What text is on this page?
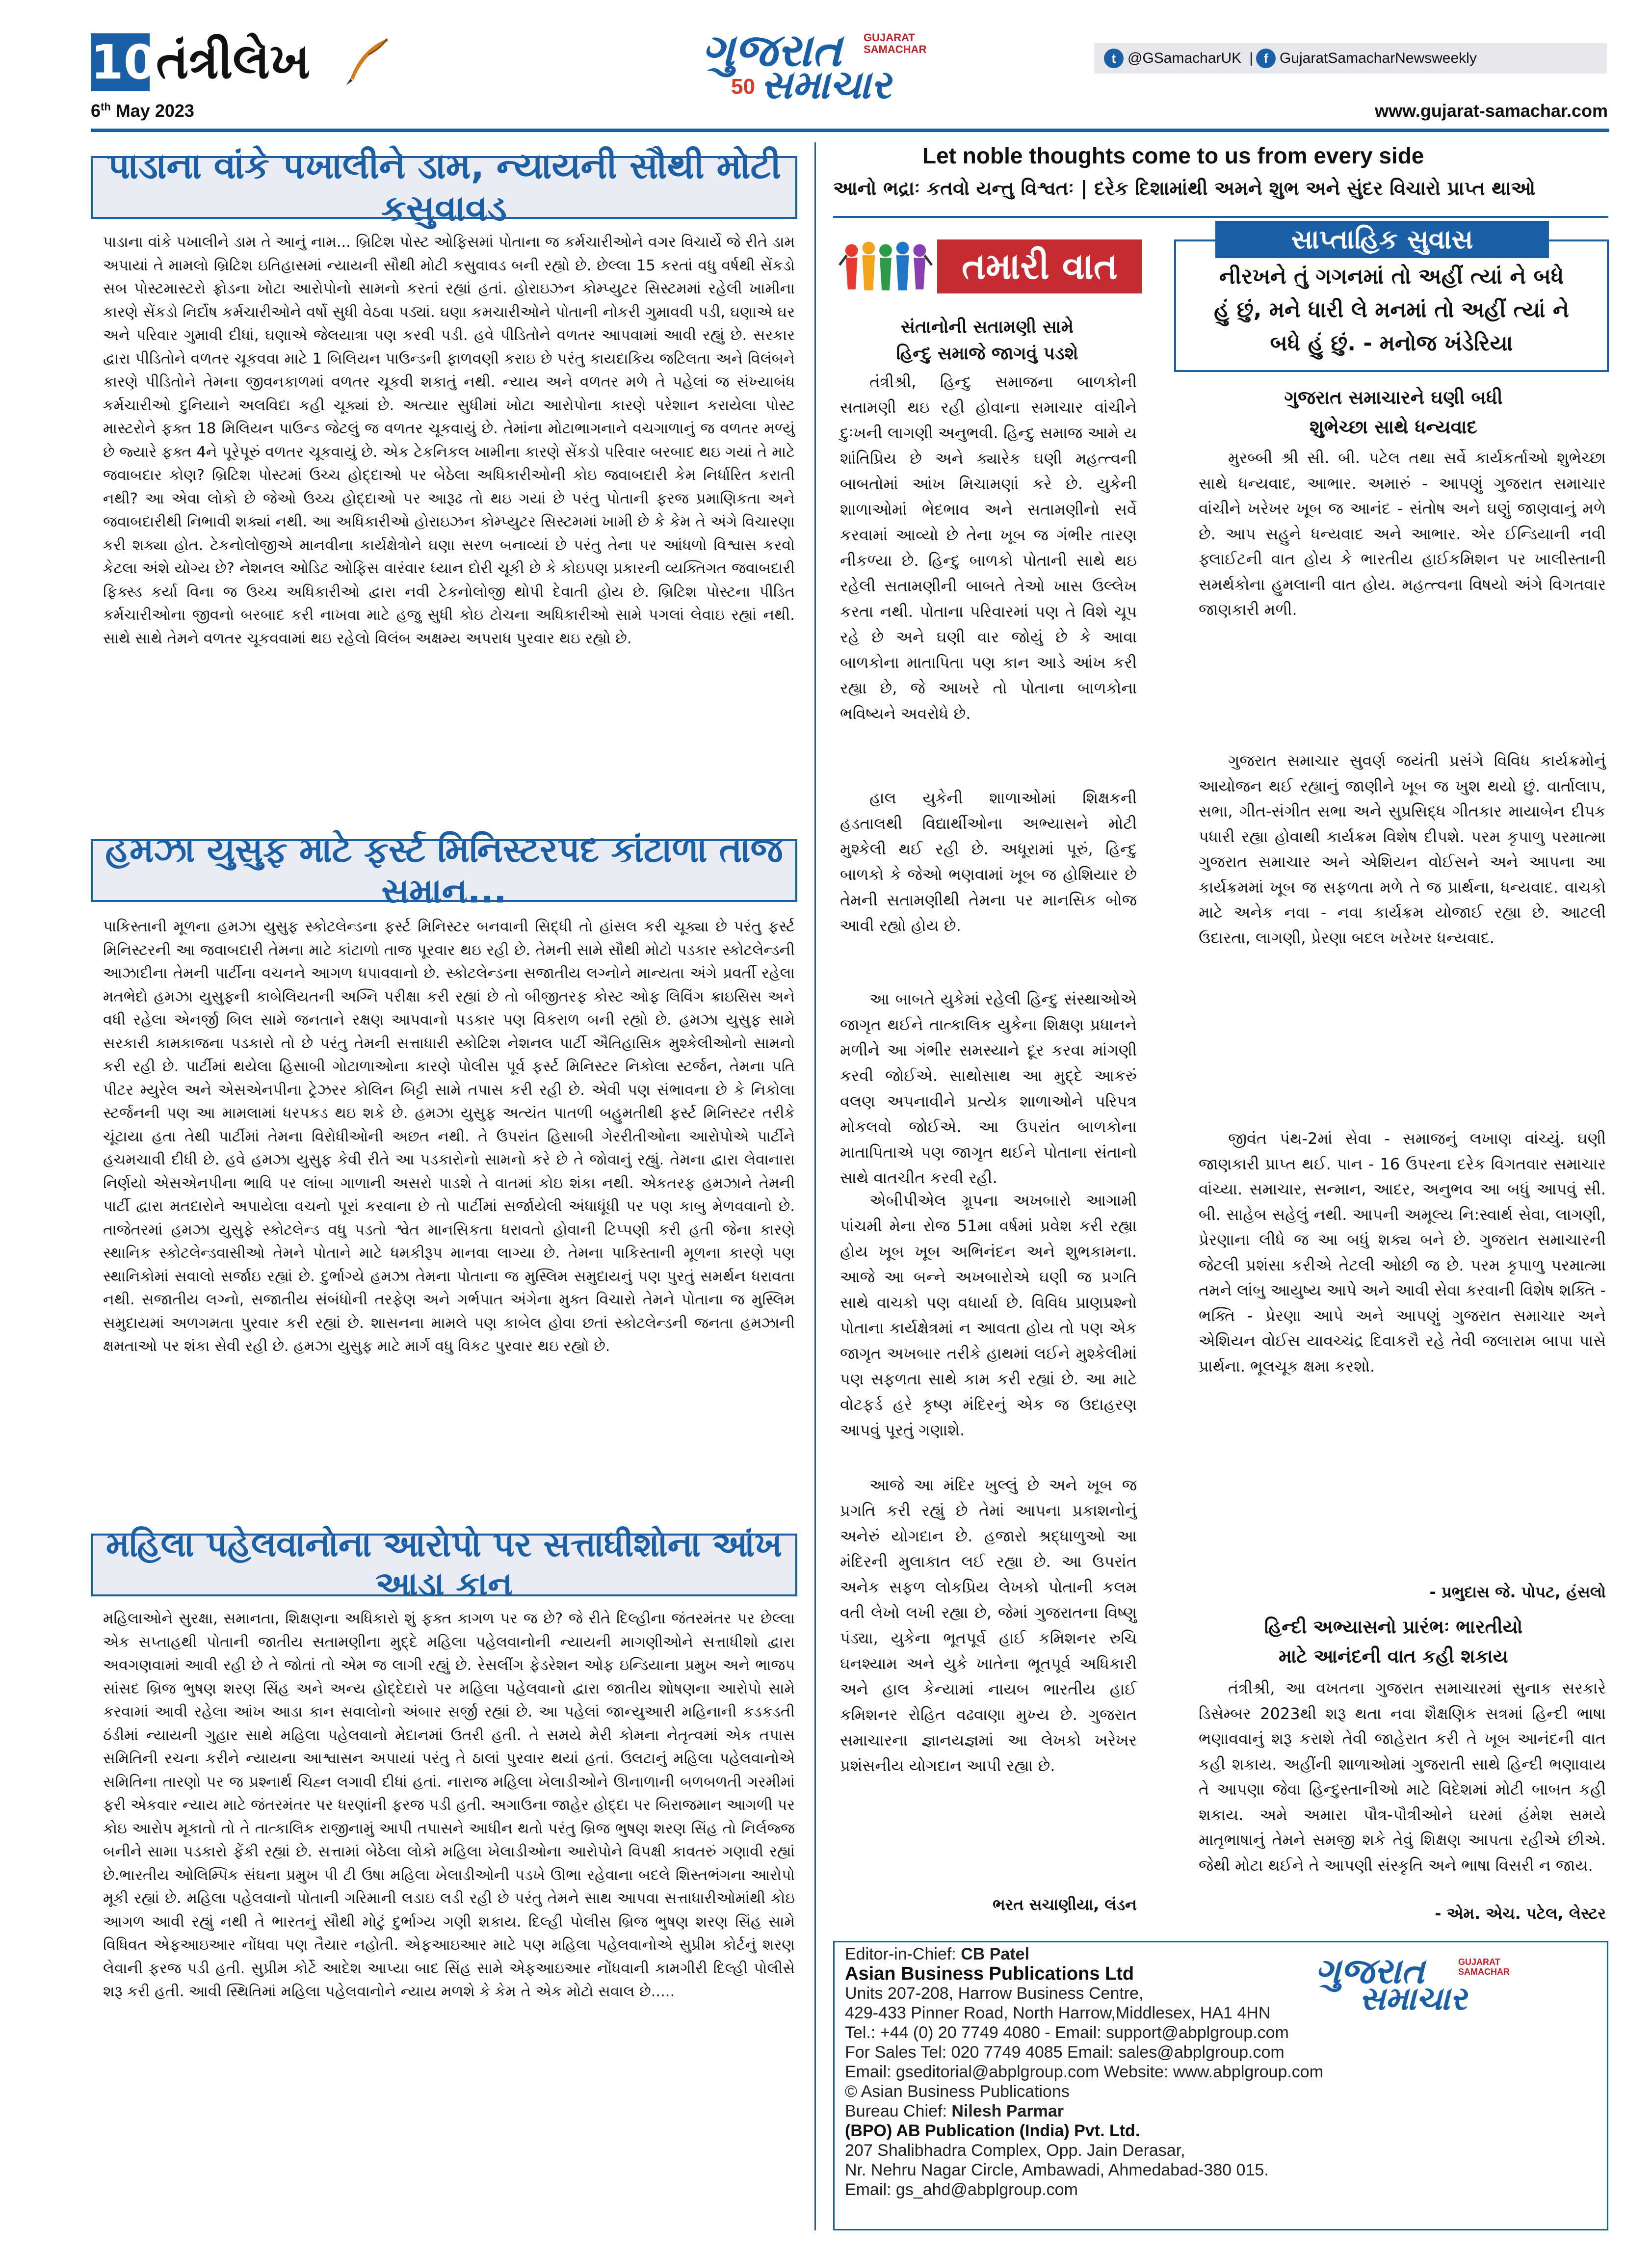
10 તંત્રીલેખ	ગુજરાત GUJARAT
SAMACHAR
50 સમાચાર
t @GSamacharUK | f GujaratSamacharNewsweekly
6th May 2023	www.gujarat-samachar.com
પાડાના વાંકે પખાલીને ડામ, ન્યાયની સૌથી મોટી કસુવાવડ
પાડાના વાંકે પખાલીને ડામ તે આનું નામ... બ્રિટિશ પોસ્ટ ઓફિસમાં પોતાના જ કર્મચારીઓને વગર વિચાર્યે જે રીતે ડામ અપાયાં તે મામલો બ્રિટિશ ઇતિહાસમાં ન્યાયની સૌથી મોટી કસુવાવડ બની રહ્યો છે. છેલ્લા 15 કરતાં વધુ વર્ષથી સેંકડો સબ પોસ્ટમાસ્ટરો ફ્રોડના ખોટા આરોપોનો સામનો કરતાં રહ્યાં હતાં. હોરાઇઝન કોમ્પ્યુટર સિસ્ટમમાં રહેલી ખામીના કારણે સેંકડો નિર્દોષ કર્મચારીઓને વર્ષો સુધી વેઠવા પડ્યાં. ઘણા કમચારીઓને પોતાની નોકરી ગુમાવવી પડી, ઘણાએ ઘર અને પરિવાર ગુમાવી દીધાં, ઘણાએ જેલયાત્રા પણ કરવી પડી. હવે પીડિતોને વળતર આપવામાં આવી રહ્યું છે. સરકાર દ્વારા પીડિતોને વળતર ચૂકવવા માટે 1 બિલિયન પાઉન્ડની ફાળવણી કરાઇ છે પરંતુ કાયદાકિય જટિલતા અને વિલંબને કારણે પીડિતોને તેમના જીવનકાળમાં વળતર ચૂકવી શકાતું નથી. ન્યાય અને વળતર મળે તે પહેલાં જ સંખ્યાબંધ કર્મચારીઓ દુનિયાને અલવિદા કહી ચૂક્યાં છે. અત્યાર સુધીમાં ખોટા આરોપોના કારણે પરેશાન કરાયેલા પોસ્ટ માસ્ટરોને ફક્ત 18 મિલિયન પાઉન્ડ જેટલું જ વળતર ચૂકવાયું છે. તેમાંના મોટાભાગનાને વચગાળાનું જ વળતર મળ્યું છે જ્યારે ફક્ત 4ને પૂરેપૂરું વળતર ચૂકવાયું છે. એક ટેકનિકલ ખામીના કારણે સેંકડો પરિવાર બરબાદ થઇ ગયાં તે માટે જવાબદાર કોણ? બ્રિટિશ પોસ્ટમાં ઉચ્ચ હોદ્દાઓ પર બેઠેલા અધિકારીઓની કોઇ જવાબદારી કેમ નિર્ધારિત કરાતી નથી? આ એવા લોકો છે જેઓ ઉચ્ચ હોદ્દાઓ પર આરૂઢ તો થઇ ગયાં છે પરંતુ પોતાની ફરજ પ્રમાણિકતા અને જવાબદારીથી નિભાવી શક્યાં નથી. આ અધિકારીઓ હોરાઇઝન કોમ્પ્યુટર સિસ્ટમમાં ખામી છે કે કેમ તે અંગે વિચારણા કરી શક્યા હોત. ટેકનોલોજીએ માનવીના કાર્યક્ષેત્રોને ઘણા સરળ બનાવ્યાં છે પરંતુ તેના પર આંધળો વિશ્વાસ કરવો કેટલા અંશે યોગ્ય છે? નેશનલ ઓડિટ ઓફિસ વારંવાર ધ્યાન દોરી ચૂકી છે કે કોઇપણ પ્રકારની વ્યક્તિગત જવાબદારી ફિક્સ્ડ કર્યા વિના જ ઉચ્ચ અધિકારીઓ દ્વારા નવી ટેકનોલોજી થોપી દેવાતી હોય છે. બ્રિટિશ પોસ્ટના પીડિત કર્મચારીઓના જીવનો બરબાદ કરી નાખવા માટે હજુ સુધી કોઇ ટોચના અધિકારીઓ સામે પગલાં લેવાઇ રહ્યાં નથી. સાથે સાથે તેમને વળતર ચૂકવવામાં થઇ રહેલો વિલંબ અક્ષમ્ય અપરાધ પુરવાર થઇ રહ્યો છે.
હમઝા યુસુફ માટે ફર્સ્ટ મિનિસ્ટરપદ કાંટાળા તાજ સમાન...
પાકિસ્તાની મૂળના હમઝા યુસુફ સ્કોટલેન્ડના ફર્સ્ટ મિનિસ્ટર બનવાની સિદ્ધી તો હાંસલ કરી ચૂક્યા છે પરંતુ ફર્સ્ટ મિનિસ્ટરની આ જવાબદારી તેમના માટે કાંટાળો તાજ પૂરવાર થઇ રહી છે. તેમની સામે સૌથી મોટો પડકાર સ્કોટલેન્ડની આઝાદીના તેમની પાર્ટીના વચનને આગળ ધપાવવાનો છે. સ્કોટલેન્ડના સજાતીય લગ્નોને માન્યતા અંગે પ્રવર્તી રહેલા મતભેદો હમઝા યુસુફની કાબેલિયતની અગ્નિ પરીક્ષા કરી રહ્યાં છે તો બીજીતરફ કોસ્ટ ઓફ લિવિંગ ક્રાઇસિસ અને વધી રહેલા એનર્જી બિલ સામે જનતાને રક્ષણ આપવાનો પડકાર પણ વિકરાળ બની રહ્યો છે. હમઝા યુસુફ સામે સરકારી કામકાજના પડકારો તો છે પરંતુ તેમની સત્તાધારી સ્કોટિશ નેશનલ પાર્ટી ઐતિહાસિક મુશ્કેલીઓનો સામનો કરી રહી છે. પાર્ટીમાં થયેલા હિસાબી ગોટાળાઓના કારણે પોલીસ પૂર્વ ફર્સ્ટ મિનિસ્ટર નિકોલા સ્ટર્જન, તેમના પતિ પીટર મ્યુરેલ અને એસએનપીના ટ્રેઝરર કોલિન બિટ્ટી સામે તપાસ કરી રહી છે. એવી પણ સંભાવના છે કે નિકોલા સ્ટર્જનની પણ આ મામલામાં ધરપકડ થઇ શકે છે. હમઝા યુસુફ અત્યંત પાતળી બહુમતીથી ફર્સ્ટ મિનિસ્ટર તરીકે ચૂંટાયા હતા તેથી પાર્ટીમાં તેમના વિરોધીઓની અછત નથી. તે ઉપરાંત હિસાબી ગેરરીતીઓના આરોપોએ પાર્ટીને હચમચાવી દીધી છે. હવે હમઝા યુસુફ કેવી રીતે આ પડકારોનો સામનો કરે છે તે જોવાનું રહ્યું. તેમના દ્વારા લેવાનારા નિર્ણયો એસએનપીના ભાવિ પર લાંબા ગાળાની અસરો પાડશે તે વાતમાં કોઇ શંકા નથી. એકતરફ હમઝાને તેમની પાર્ટી દ્વારા મતદારોને અપાયેલા વચનો પૂરાં કરવાના છે તો પાર્ટીમાં સર્જાયેલી અંધાધૂંધી પર પણ કાબુ મેળવવાનો છે. તાજેતરમાં હમઝા યુસુફે સ્કોટલેન્ડ વધુ પડતો શ્વેત માનસિકતા ધરાવતો હોવાની ટિપ્પણી કરી હતી જેના કારણે સ્થાનિક સ્કોટલેન્ડવાસીઓ તેમને પોતાને માટે ધમકીરૂપ માનવા લાગ્યા છે. તેમના પાકિસ્તાની મૂળના કારણે પણ સ્થાનિકોમાં સવાલો સર્જાઇ રહ્યાં છે. દુર્ભાગ્યે હમઝા તેમના પોતાના જ મુસ્લિમ સમુદાયનું પણ પુરતું સમર્થન ધરાવતા નથી. સજાતીય લગ્નો, સજાતીય સંબંધોની તરફેણ અને ગર્ભપાત અંગેના મુક્ત વિચારો તેમને પોતાના જ મુસ્લિમ સમુદાયમાં અળગમતા પુરવાર કરી રહ્યાં છે. શાસનના મામલે પણ કાબેલ હોવા છતાં સ્કોટલેન્ડની જનતા હમઝાની ક્ષમતાઓ પર શંકા સેવી રહી છે. હમઝા યુસુફ માટે માર્ગ વધુ વિકટ પુરવાર થઇ રહ્યો છે.
મહિલા પહેલવાનોના આરોપો પર સત્તાધીશોના આંખ આડા કાન
મહિલાઓને સુરક્ષા, સમાનતા, શિક્ષણના અધિકારો શું ફક્ત કાગળ પર જ છે? જે રીતે દિલ્હીના જંતરમંતર પર છેલ્લા એક સપ્તાહથી પોતાની જાતીય સતામણીના મુદ્દે મહિલા પહેલવાનોની ન્યાયની માગણીઓને સત્તાધીશો દ્વારા અવગણવામાં આવી રહી છે તે જોતાં તો એમ જ લાગી રહ્યું છે. રેસલીંગ ફેડરેશન ઓફ ઇન્ડિયાના પ્રમુખ અને ભાજપ સાંસદ બ્રિજ ભુષણ શરણ સિંહ અને અન્ય હોદ્દેદારો પર મહિલા પહેલવાનો દ્વારા જાતીય શોષણના આરોપો સામે કરવામાં આવી રહેલા આંખ આડા કાન સવાલોનો અંબાર સર્જી રહ્યાં છે. આ પહેલાં જાન્યુઆરી મહિનાની કડકડતી ઠંડીમાં ન્યાયની ગુહાર સાથે મહિલા પહેલવાનો મેદાનમાં ઉતરી હતી. તે સમયે મેરી કોમના નેતૃત્વમાં એક તપાસ સમિતિની રચના કરીને ન્યાયના આશ્વાસન અપાયાં પરંતુ તે ઠાલાં પુરવાર થયાં હતાં. ઉલટાનું મહિલા પહેલવાનોએ સમિતિના તારણો પર જ પ્રશ્નાર્થ ચિહ્ન લગાવી દીધાં હતાં. નારાજ મહિલા ખેલાડીઓને ઊનાળાની બળબળતી ગરમીમાં ફરી એકવાર ન્યાય માટે જંતરમંતર પર ધરણાંની ફરજ પડી હતી. અગાઉના જાહેર હોદ્દા પર બિરાજમાન આગળી પર કોઇ આરોપ મૂકાતો તો તે તાત્કાલિક રાજીનામું આપી તપાસને આધીન થતો પરંતુ બ્રિજ ભુષણ શરણ સિંહ તો નિર્લજ્જ બનીને સામા પડકારો ફેંકી રહ્યાં છે. સત્તામાં બેઠેલા લોકો મહિલા ખેલાડીઓના આરોપોને વિપક્ષી કાવતરું ગણાવી રહ્યાં છે.ભારતીય ઓલિમ્પિક સંઘના પ્રમુખ પી ટી ઉષા મહિલા ખેલાડીઓની પડખે ઊભા રહેવાના બદલે શિસ્તભંગના આરોપો મૂકી રહ્યાં છે. મહિલા પહેલવાનો પોતાની ગરિમાની લડાઇ લડી રહી છે પરંતુ તેમને સાથ આપવા સત્તાધારીઓમાંથી કોઇ આગળ આવી રહ્યું નથી તે ભારતનું સૌથી મોટું દુર્ભાગ્ય ગણી શકાય. દિલ્હી પોલીસ બ્રિજ ભુષણ શરણ સિંહ સામે વિધિવત એફઆઇઆર નોંધવા પણ તૈયાર નહોતી. એફઆઇઆર માટે પણ મહિલા પહેલવાનોએ સુપ્રીમ કોર્ટનું શરણ લેવાની ફરજ પડી હતી. સુપ્રીમ કોર્ટે આદેશ આપ્યા બાદ સિંહ સામે એફઆઇઆર નોંધવાની કામગીરી દિલ્હી પોલીસે શરૂ કરી હતી. આવી સ્થિતિમાં મહિલા પહેલવાનોને ન્યાય મળશે કે કેમ તે એક મોટો સવાલ છે.....
Let noble thoughts come to us from every side
આનો ભદ્રાઃ કતવો યન્તુ વિશ્વતઃ | દરેક દિશામાંથી અમને શુભ અને સુંદર વિચારો પ્રાપ્ત થાઓ
તમારી વાત
સંતાનોની સતામણી સામે
હિન્દુ સમાજે જાગવું પડશે
તંત્રીશ્રી, હિન્દુ સમાજના બાળકોની સતામણી થઇ રહી હોવાના સમાચાર વાંચીને દુઃખની લાગણી અનુભવી. હિન્દુ સમાજ આમે ય શાંતિપ્રિય છે અને ક્યારેક ઘણી મહત્ત્વની બાબતોમાં આંખ મિચામણાં કરે છે. યુકેની શાળાઓમાં ભેદભાવ અને સતામણીનો સર્વે કરવામાં આવ્યો છે તેના ખૂબ જ ગંભીર તારણ નીકળ્યા છે. હિન્દુ બાળકો પોતાની સાથે થઇ રહેલી સતામણીની બાબતે તેઓ ખાસ ઉલ્લેખ કરતા નથી. પોતાના પરિવારમાં પણ તે વિશે ચૂપ રહે છે અને ઘણી વાર જોયું છે કે આવા બાળકોના માતાપિતા પણ કાન આડે આંખ કરી રહ્યા છે, જે આખરે તો પોતાના બાળકોના ભવિષ્યને અવરોધે છે.
હાલ યુકેની શાળાઓમાં શિક્ષકની હડતાલથી વિદ્યાર્થીઓના અભ્યાસને મોટી મુશ્કેલી થઈ રહી છે. અધૂરામાં પૂરું, હિન્દુ બાળકો કે જેઓ ભણવામાં ખૂબ જ હોશિયાર છે તેમની સતામણીથી તેમના પર માનસિક બોજ આવી રહ્યો હોય છે.
આ બાબતે યુકેમાં રહેલી હિન્દુ સંસ્થાઓએ જાગૃત થઈને તાત્કાલિક યુકેના શિક્ષણ પ્રધાનને મળીને આ ગંભીર સમસ્યાને દૂર કરવા માંગણી કરવી જોઈએ. સાથોસાથ આ મુદ્દે આકરું વલણ અપનાવીને પ્રત્યેક શાળાઓને પરિપત્ર મોકલવો જોઈએ. આ ઉપરાંત બાળકોના માતાપિતાએ પણ જાગૃત થઈને પોતાના સંતાનો સાથે વાતચીત કરવી રહી.
એબીપીએલ ગ્રૂપના અખબારો આગામી પાંચમી મેના રોજ 51મા વર્ષમાં પ્રવેશ કરી રહ્યા હોય ખૂબ ખૂબ અભિનંદન અને શુભકામના. આજે આ બન્ને અખબારોએ ઘણી જ પ્રગતિ સાથે વાચકો પણ વધાર્યા છે. વિવિધ પ્રાણપ્રશ્નો પોતાના કાર્યક્ષેત્રમાં ન આવતા હોય તો પણ એક જાગૃત અખબાર તરીકે હાથમાં લઈને મુશ્કેલીમાં પણ સફળતા સાથે કામ કરી રહ્યાં છે. આ માટે વોટફર્ડ હરે કૃષ્ણ મંદિરનું એક જ ઉદાહરણ આપવું પૂરતું ગણાશે.
આજે આ મંદિર ખુલ્લું છે અને ખૂબ જ પ્રગતિ કરી રહ્યું છે તેમાં આપના પ્રકાશનોનું અનેરું યોગદાન છે. હજારો શ્રદ્ધાળુઓ આ મંદિરની મુલાકાત લઈ રહ્યા છે. આ ઉપરાંત અનેક સફળ લોકપ્રિય લેખકો પોતાની કલમ વતી લેખો લખી રહ્યા છે, જેમાં ગુજરાતના વિષ્ણુ પંડ્યા, યુકેના ભૂતપૂર્વ હાઈ કમિશનર રુચિ ઘનશ્યામ અને યુકે ખાતેના ભૂતપૂર્વ અધિકારી અને હાલ કેન્યામાં નાયબ ભારતીય હાઈ કમિશનર રોહિત વઢવાણા મુખ્ય છે. ગુજરાત સમાચારના જ્ઞાનયજ્ઞમાં આ લેખકો ખરેખર પ્રશંસનીય યોગદાન આપી રહ્યા છે.
ભરત સચાણીયા, લંડન
સાપ્તાહિક સુવાસ
નીરખને તું ગગનમાં તો અહીં ત્યાં ને બધે
હું છું, મને ધારી લે મનમાં તો અહીં ત્યાં ને
બધે હું છું. - મનોજ ખંડેરિયા
ગુજરાત સમાચારને ઘણી બધી
શુભેચ્છા સાથે ધન્યવાદ
મુરબ્બી શ્રી સી. બી. પટેલ તથા સર્વે કાર્યકર્તાઓ શુભેચ્છા સાથે ધન્યવાદ, આભાર. અમારું - આપણું ગુજરાત સમાચાર વાંચીને ખરેખર ખૂબ જ આનંદ - સંતોષ અને ઘણું જાણવાનું મળે છે. આપ સહુને ધન્યવાદ અને આભાર. એર ઈન્ડિયાની નવી ફ્લાઈટની વાત હોય કે ભારતીય હાઈકમિશન પર ખાલીસ્તાની સમર્થકોના હુમલાની વાત હોય. મહત્ત્વના વિષયો અંગે વિગતવાર જાણકારી મળી.
ગુજરાત સમાચાર સુવર્ણ જયંતી પ્રસંગે વિવિધ કાર્યક્રમોનું આયોજન થઈ રહ્યાનું જાણીને ખૂબ જ ખુશ થયો છું. વાર્તાલાપ, સભા, ગીત-સંગીત સભા અને સુપ્રસિદ્ધ ગીતકાર માયાબેન દીપક પધારી રહ્યા હોવાથી કાર્યક્રમ વિશેષ દીપશે. પરમ કૃપાળુ પરમાત્મા ગુજરાત સમાચાર અને એશિયન વોઈસને અને આપના આ કાર્યક્રમમાં ખૂબ જ સફળતા મળે તે જ પ્રાર્થના, ધન્યવાદ. વાચકો માટે અનેક નવા - નવા કાર્યક્રમ યોજાઈ રહ્યા છે. આટલી ઉદારતા, લાગણી, પ્રેરણા બદલ ખરેખર ધન્યવાદ.
જીવંત પંથ-2માં સેવા - સમાજનું લખાણ વાંચ્યું. ઘણી જાણકારી પ્રાપ્ત થઈ. પાન - 16 ઉપરના દરેક વિગતવાર સમાચાર વાંચ્યા. સમાચાર, સન્માન, આદર, અનુભવ આ બધું આપવું સી. બી. સાહેબ સહેલું નથી. આપની અમૂલ્ય નિ:સ્વાર્થ સેવા, લાગણી, પ્રેરણાના લીધે જ આ બધું શક્ય બને છે. ગુજરાત સમાચારની જેટલી પ્રશંસા કરીએ તેટલી ઓછી જ છે. પરમ કૃપાળુ પરમાત્મા તમને લાંબુ આયુષ્ય આપે અને આવી સેવા કરવાની વિશેષ શક્તિ - ભક્તિ - પ્રેરણા આપે અને આપણું ગુજરાત સમાચાર અને એશિયન વોઈસ યાવચ્ચંદ્ર દિવાકરૌ રહે તેવી જલારામ બાપા પાસે પ્રાર્થના. ભૂલચૂક ક્ષમા કરશો.
- પ્રભુદાસ જે. પોપટ, હંસલો
હિન્દી અભ્યાસનો પ્રારંભઃ ભારતીયો
માટે આનંદની વાત કહી શકાય
તંત્રીશ્રી, આ વખતના ગુજરાત સમાચારમાં સુનાક સરકારે ડિસેમ્બર 2023થી શરૂ થતા નવા શૈક્ષણિક સત્રમાં હિન્દી ભાષા ભણાવવાનું શરૂ કરાશે તેવી જાહેરાત કરી તે ખૂબ આનંદની વાત કહી શકાય. અહીંની શાળાઓમાં ગુજરાતી સાથે હિન્દી ભણાવાય તે આપણા જેવા હિન્દુસ્તાનીઓ માટે વિદેશમાં મોટી બાબત કહી શકાય. અમે અમારા પૌત્ર-પૌત્રીઓને ઘરમાં હંમેશ સમયે માતૃભાષાનું તેમને સમજી શકે તેવું શિક્ષણ આપતા રહીએ છીએ. જેથી મોટા થઈને તે આપણી સંસ્કૃતિ અને ભાષા વિસરી ન જાય.
- એમ. એચ. પટેલ, લેસ્ટર
Editor-in-Chief: CB Patel
Asian Business Publications Ltd
Units 207-208, Harrow Business Centre,
429-433 Pinner Road, North Harrow,Middlesex, HA1 4HN
Tel.: +44 (0) 20 7749 4080 - Email: support@abplgroup.com
For Sales Tel: 020 7749 4085 Email: sales@abplgroup.com
Email: gseditorial@abplgroup.com Website: www.abplgroup.com
© Asian Business Publications
Bureau Chief: Nilesh Parmar
(BPO) AB Publication (India) Pvt. Ltd.
207 Shalibhadra Complex, Opp. Jain Derasar,
Nr. Nehru Nagar Circle, Ambawadi, Ahmedabad-380 015.
Email: gs_ahd@abplgroup.com
ગુજરાત	GUJARAT
SAMACHAR
સમાચાર
